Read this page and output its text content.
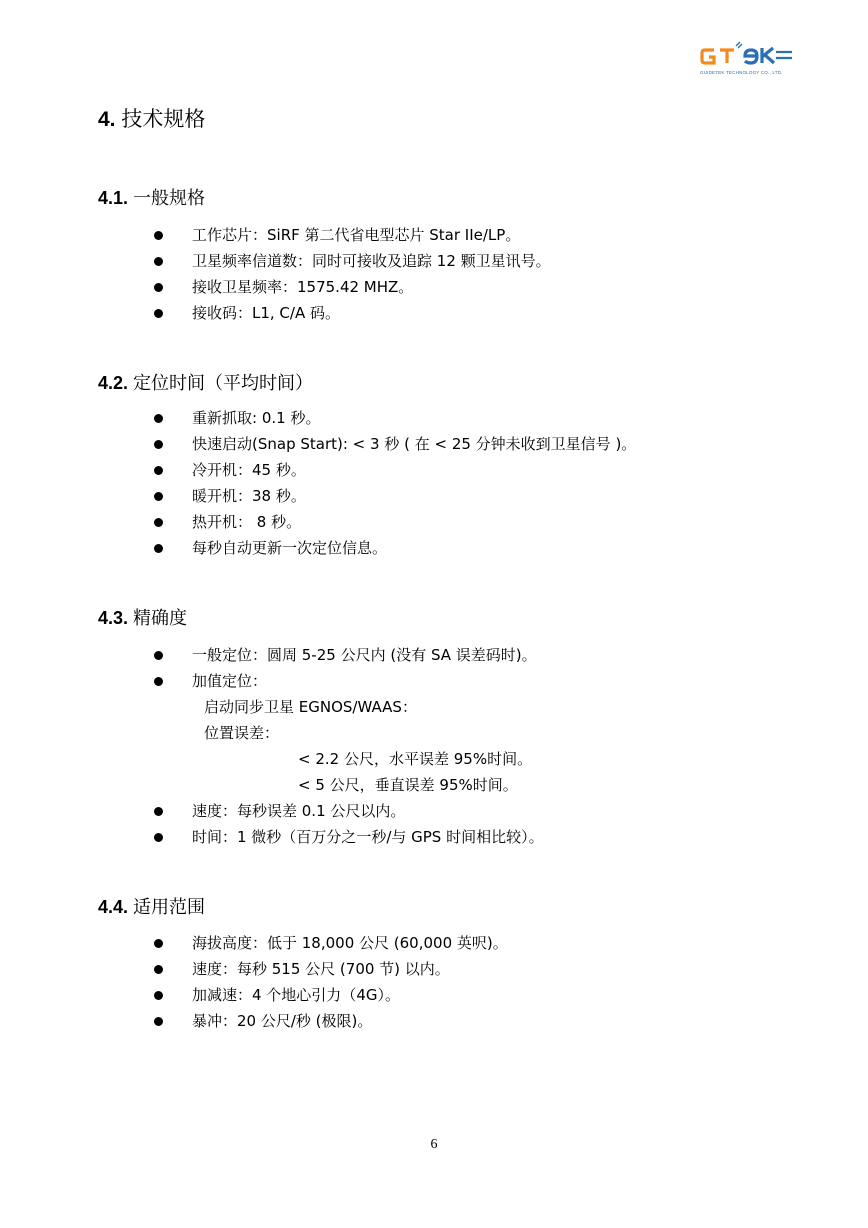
GUIDETEK TECHNOLOGY CO., LTD.
4. 技术规格
4.1. 一般规格
工作芯片：SiRF 第二代省电型芯片 Star IIe/LP。
卫星频率信道数：同时可接收及追踪 12 颗卫星讯号。
接收卫星频率：1575.42 MHZ。
接收码：L1, C/A 码。
4.2. 定位时间（平均时间）
重新抓取: 0.1 秒。
快速启动(Snap Start): < 3 秒 ( 在 < 25 分钟未收到卫星信号 )。
冷开机：45 秒。
暖开机：38 秒。
热开机： 8 秒。
每秒自动更新一次定位信息。
4.3. 精确度
一般定位：圆周 5-25 公尺内 (没有 SA 误差码时)。
加值定位：
启动同步卫星 EGNOS/WAAS：
位置误差：
< 2.2 公尺，水平误差 95%时间。
< 5 公尺，垂直误差 95%时间。
速度：每秒误差 0.1 公尺以内。
时间：1 微秒（百万分之一秒/与 GPS 时间相比较）。
4.4. 适用范围
海拔高度：低于 18,000 公尺 (60,000 英呎)。
速度：每秒 515 公尺 (700 节) 以内。
加减速：4 个地心引力（4G）。
暴冲：20 公尺/秒 (极限)。
6
